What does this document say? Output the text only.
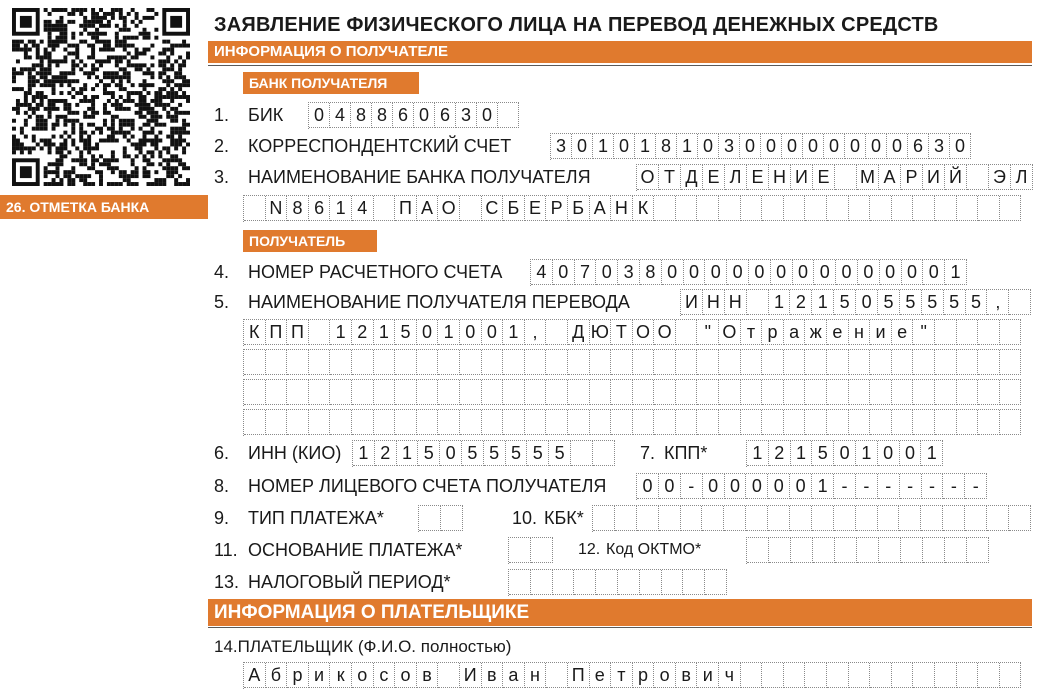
26. ОТМЕТКА БАНКА
ЗАЯВЛЕНИЕ ФИЗИЧЕСКОГО ЛИЦА НА ПЕРЕВОД ДЕНЕЖНЫХ СРЕДСТВ
ИНФОРМАЦИЯ О ПОЛУЧАТЕЛЕ
БАНК ПОЛУЧАТЕЛЯ
1. БИК 0 4 8 8 6 0 6 3 0
2. КОРРЕСПОНДЕНТСКИЙ СЧЕТ 3 0 1 0 1 8 1 0 3 0 0 0 0 0 0 0 0 6 3 0
3. НАИМЕНОВАНИЕ БАНКА ПОЛУЧАТЕЛЯ	О Т Д Е Л Е Н И Е	М А Р И Й Э Л
N 8 6 1 4	П А О С Б Е Р Б А Н К
ПОЛУЧАТЕЛЬ
4. НОМЕР РАСЧЕТНОГО СЧЕТА 4 0 7 0 3 8 0 0 0 0 0 0 0 0 0 0 0 0 0 1
5. НАИМЕНОВАНИЕ ПОЛУЧАТЕЛЯ ПЕРЕВОДА	И Н Н	1 2 1 5 0 5 5 5 5 5 ,
К П П 1 2 1 5 0 1 0 0 1 ,	Д Ю Т О О	" О т р а ж е н и е "
6. ИНН (КИО) 1 2 1 5 0 5 5 5 5 5	7. КПП*	1 2 1 5 0 1 0 0 1
8. НОМЕР ЛИЦЕВОГО СЧЕТА ПОЛУЧАТЕЛЯ	0 0 - 0 0 0 0 0 1 - - - - - - -
9. ТИП ПЛАТЕЖА*	10. КБК*
11. ОСНОВАНИЕ ПЛАТЕЖА*	12. Код ОКТМО*
13. НАЛОГОВЫЙ ПЕРИОД*
ИНФОРМАЦИЯ О ПЛАТЕЛЬЩИКЕ
14.ПЛАТЕЛЬЩИК (Ф.И.О. полностью)
А б р и к о с о в	И в а н	П е т р о в и ч
